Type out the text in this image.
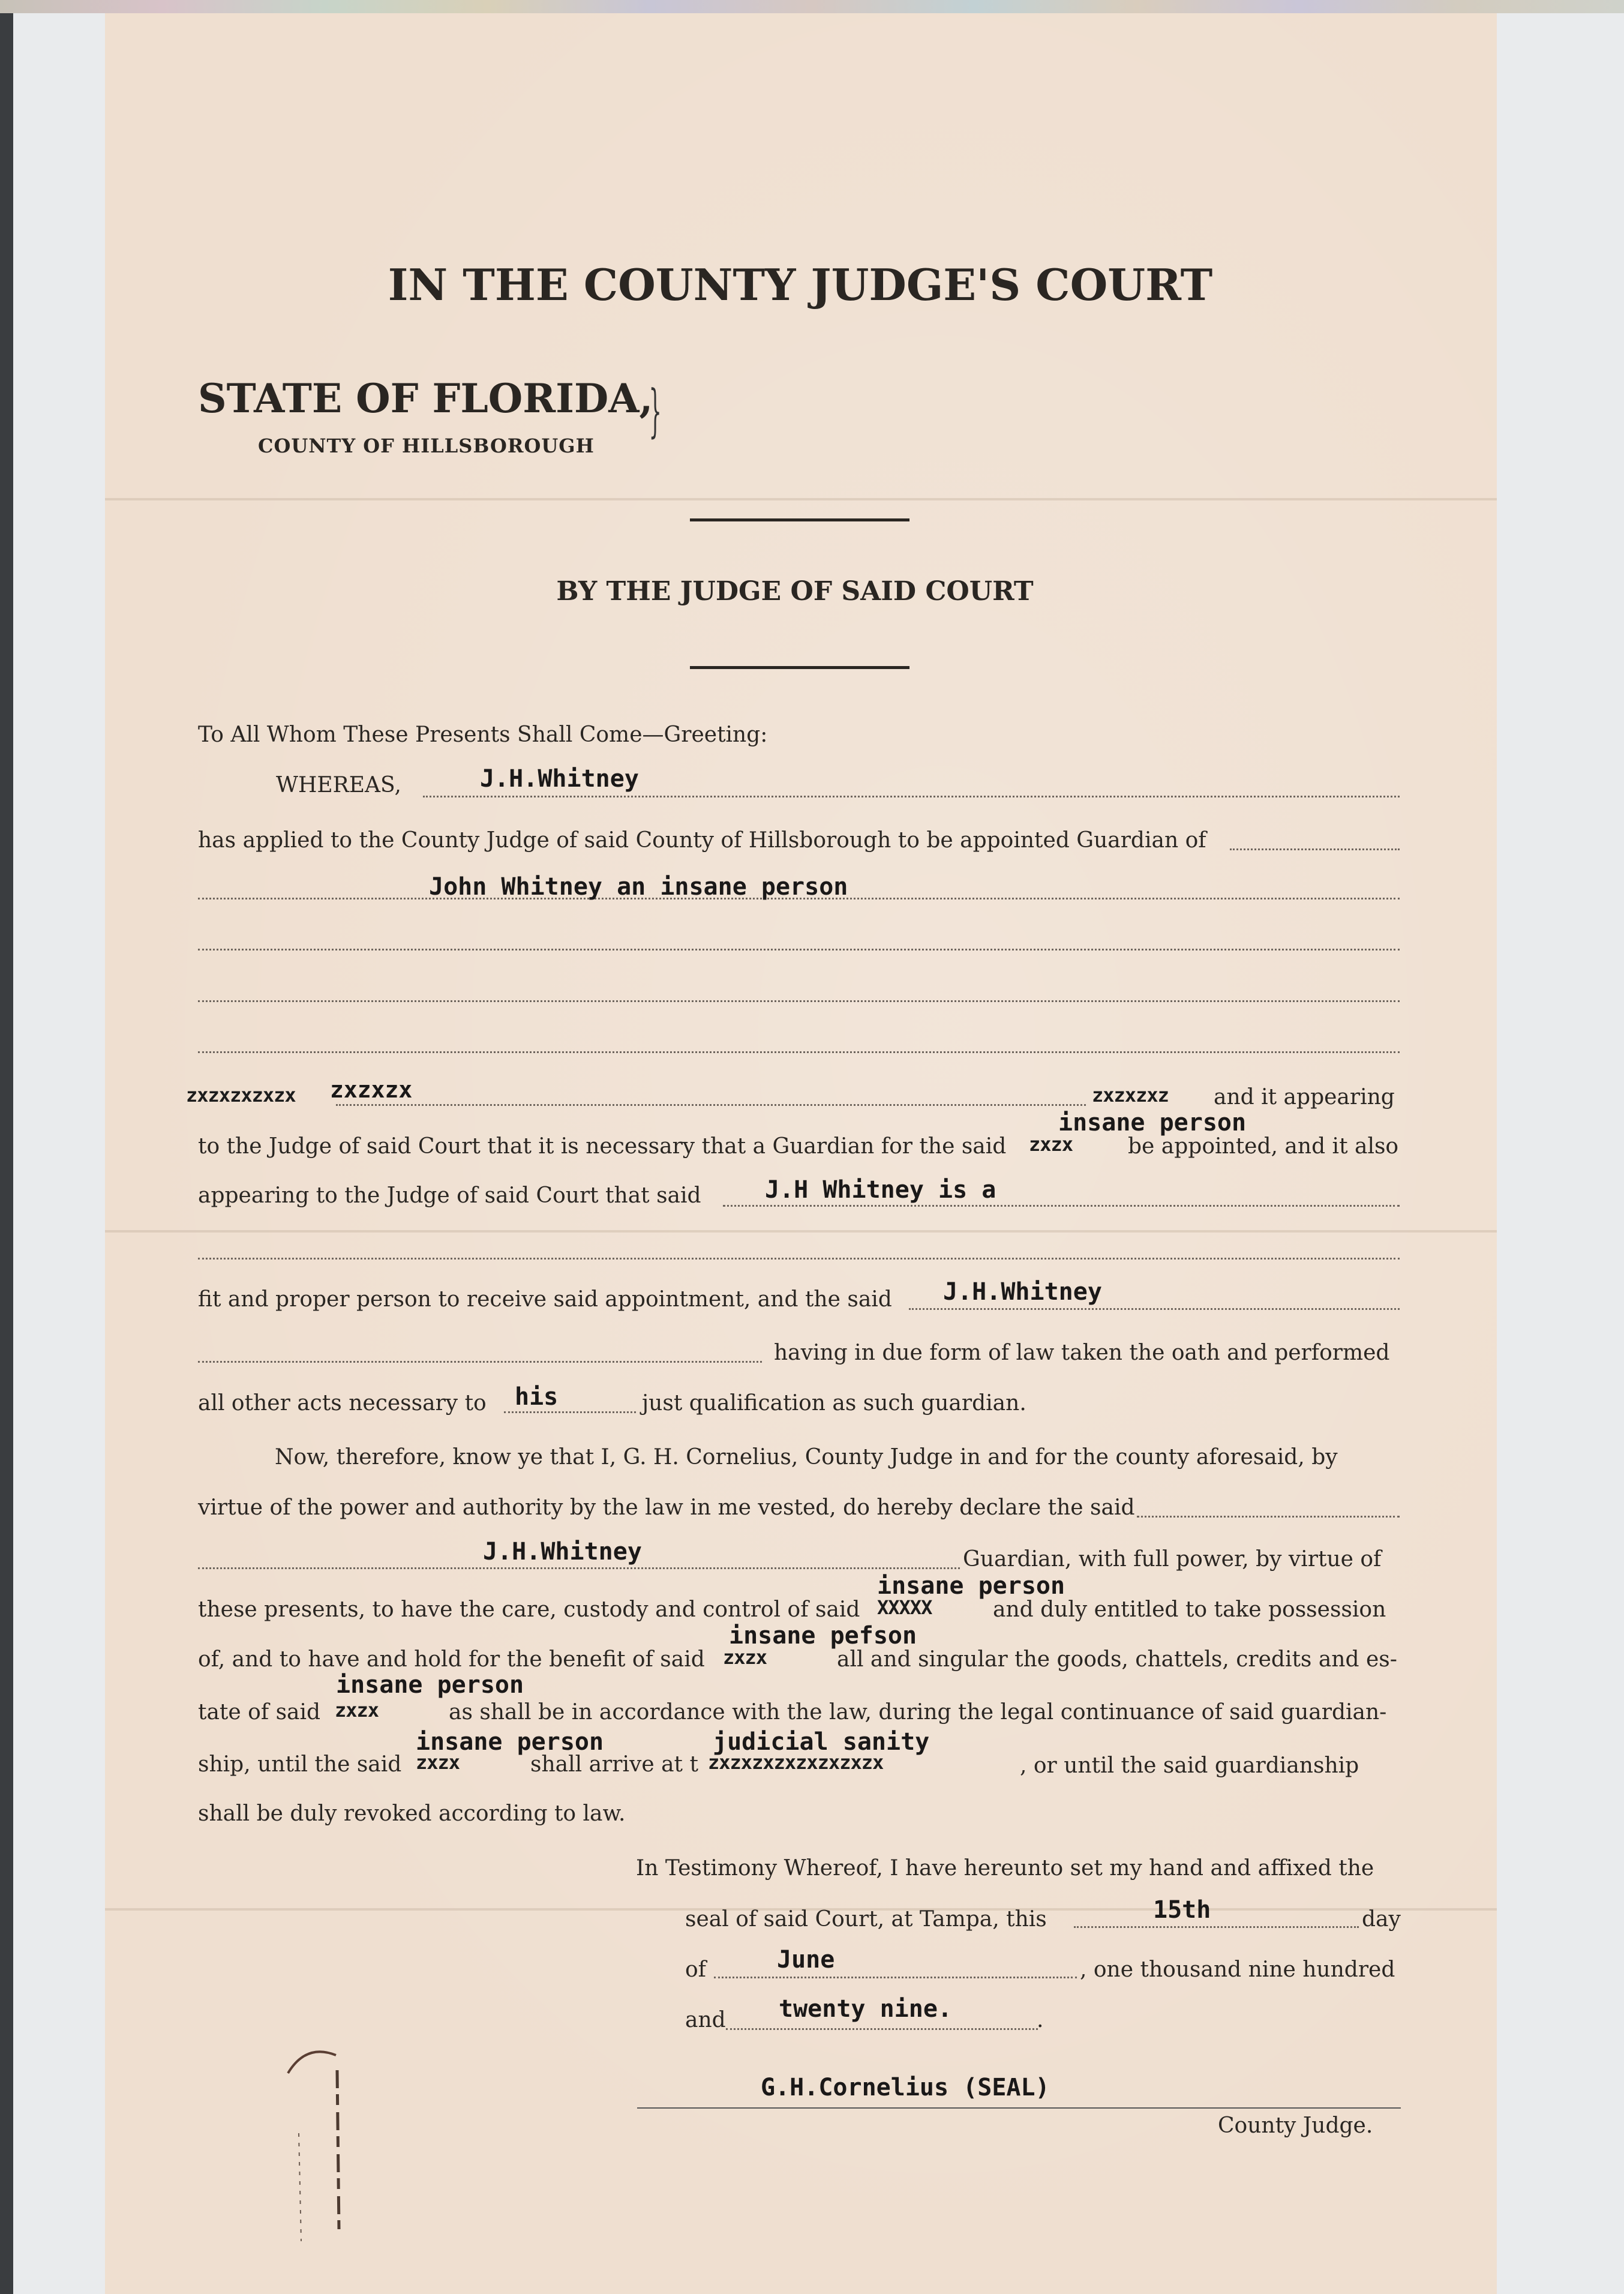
IN THE COUNTY JUDGE'S COURT
STATE OF FLORIDA,
}
COUNTY OF HILLSBOROUGH
BY THE JUDGE OF SAID COURT
To All Whom These Presents Shall Come—Greeting:
WHEREAS,	J.H.Whitney
has applied to the County Judge of said County of Hillsborough to be appointed Guardian of
John Whitney an insane person
zxzxzxzxzx zxzxzx	zxzxzxz and it appearing
insane person
to the Judge of said Court that it is necessary that a Guardian for the said zxzx	be appointed, and it also
appearing to the Judge of said Court that said	J.H Whitney is a
fit and proper person to receive said appointment, and the said J.H.Whitney
having in due form of law taken the oath and performed
all other acts necessary to his	just qualification as such guardian.
Now, therefore, know ye that I, G. H. Cornelius, County Judge in and for the county aforesaid, by
virtue of the power and authority by the law in me vested, do hereby declare the said
J.H.Whitney	Guardian, with full power, by virtue of
insane person
these presents, to have the care, custody and control of said XXXXX	and duly entitled to take possession
insane pefson
of, and to have and hold for the benefit of said zxzx	all and singular the goods, chattels, credits and es-
insane person
tate of said zxzx	as shall be in accordance with the law, during the legal continuance of said guardian-
insane person	judicial sanity
ship, until the said zxzx	shall arrive at t zxzxzxzxzxzxzxzx	, or until the said guardianship
shall be duly revoked according to law.
In Testimony Whereof, I have hereunto set my hand and affixed the
seal of said Court, at Tampa, this	15th	day
of	June	, one thousand nine hundred
and twenty nine.	.
G.H.Cornelius (SEAL)
County Judge.
